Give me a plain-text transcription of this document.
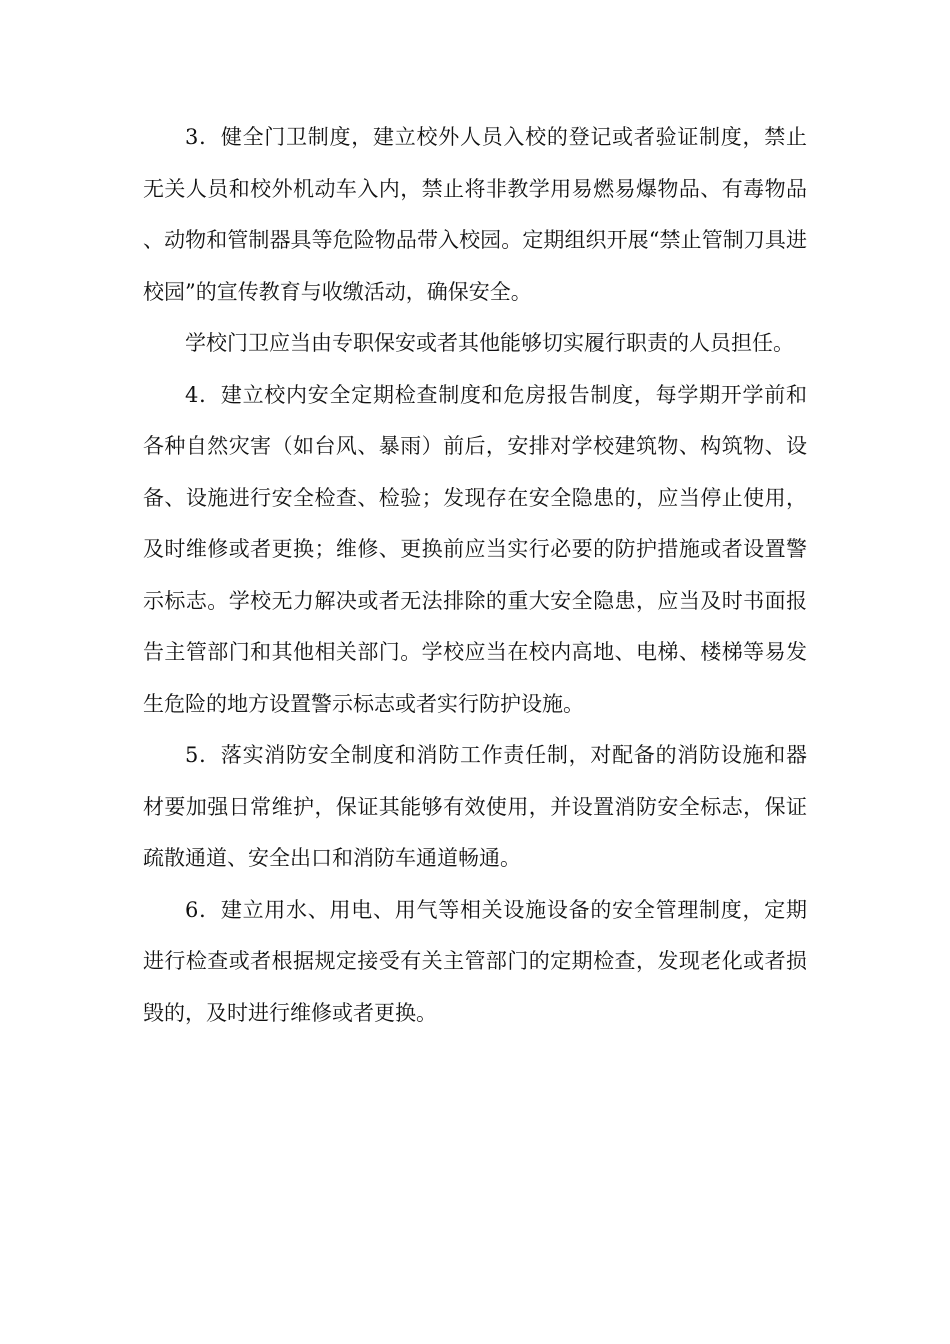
3．健全门卫制度，建立校外人员入校的登记或者验证制度，禁止无关人员和校外机动车入内，禁止将非教学用易燃易爆物品、有毒物品、动物和管制器具等危险物品带入校园。定期组织开展“禁止管制刀具进校园”的宣传教育与收缴活动，确保安全。

学校门卫应当由专职保安或者其他能够切实履行职责的人员担任。

4．建立校内安全定期检查制度和危房报告制度，每学期开学前和各种自然灾害（如台风、暴雨）前后，安排对学校建筑物、构筑物、设备、设施进行安全检查、检验；发现存在安全隐患的，应当停止使用，及时维修或者更换；维修、更换前应当实行必要的防护措施或者设置警示标志。学校无力解决或者无法排除的重大安全隐患，应当及时书面报告主管部门和其他相关部门。学校应当在校内高地、电梯、楼梯等易发生危险的地方设置警示标志或者实行防护设施。

5．落实消防安全制度和消防工作责任制，对配备的消防设施和器材要加强日常维护，保证其能够有效使用，并设置消防安全标志，保证疏散通道、安全出口和消防车通道畅通。

6．建立用水、用电、用气等相关设施设备的安全管理制度，定期进行检查或者根据规定接受有关主管部门的定期检查，发现老化或者损毁的，及时进行维修或者更换。
